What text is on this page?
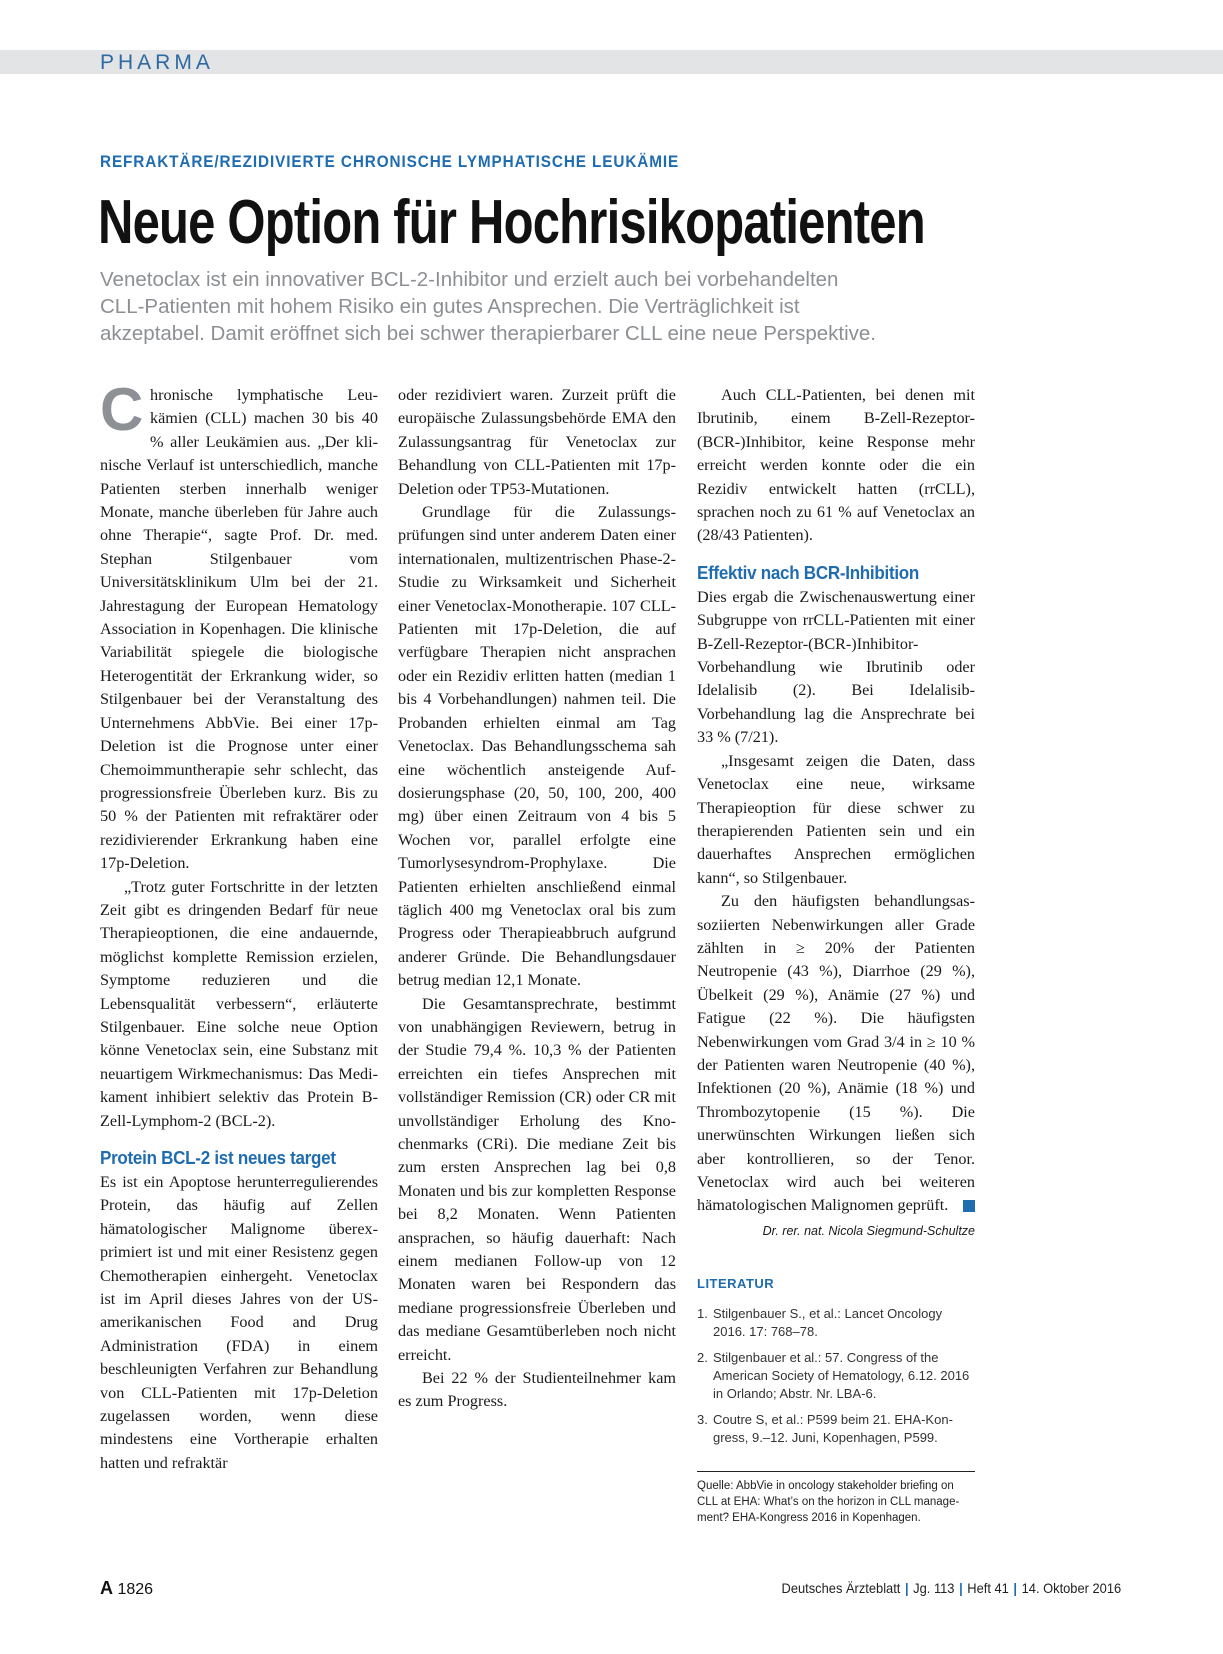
PHARMA
REFRAKTÄRE/REZIDIVIERTE CHRONISCHE LYMPHATISCHE LEUKÄMIE
Neue Option für Hochrisikopatienten
Venetoclax ist ein innovativer BCL-2-Inhibitor und erzielt auch bei vorbehandelten
CLL-Patienten mit hohem Risiko ein gutes Ansprechen. Die Verträglichkeit ist
akzeptabel. Damit eröffnet sich bei schwer therapierbarer CLL eine neue Perspektive.

Chronische lymphatische Leukämien (CLL) machen 30 bis 40 % aller Leukämien aus. „Der klinische Verlauf ist unterschiedlich, manche Patienten sterben innerhalb weniger Monate, manche überleben für Jahre auch ohne Therapie“, sagte Prof. Dr. med. Stephan Stilgenbauer vom Universitätsklinikum Ulm bei der 21. Jahrestagung der European Hematology Association in Kopenhagen. Die klinische Variabilität spiegele die biologische Heterogentität der Erkrankung wider, so Stilgenbauer bei der Veranstaltung des Unternehmens AbbVie. Bei einer 17p-Deletion ist die Prognose unter einer Chemoimmuntherapie sehr schlecht, das progressionsfreie Überleben kurz. Bis zu 50 % der Patienten mit refraktärer oder rezidivierender Erkrankung haben eine 17p-Deletion.

„Trotz guter Fortschritte in der letzten Zeit gibt es dringenden Bedarf für neue Therapieoptionen, die eine andauernde, möglichst komplette Remission erzielen, Symptome reduzieren und die Lebensqualität verbessern“, erläuterte Stilgenbauer. Eine solche neue Option könne Venetoclax sein, eine Substanz mit neuartigem Wirkmechanismus: Das Medikament inhibiert selektiv das Protein B-Zell-Lymphom-2 (BCL-2).

Protein BCL-2 ist neues target

Es ist ein Apoptose herunterregulierendes Protein, das häufig auf Zellen hämatologischer Malignome überexprimiert ist und mit einer Resistenz gegen Chemotherapien einhergeht. Venetoclax ist im April dieses Jahres von der US-amerikanischen Food and Drug Administration (FDA) in einem beschleunigten Verfahren zur Behandlung von CLL-Patienten mit 17p-Deletion zugelassen worden, wenn diese mindestens eine Vortherapie erhalten hatten und refraktär

oder rezidiviert waren. Zurzeit prüft die europäische Zulassungsbehörde EMA den Zulassungsantrag für Venetoclax zur Behandlung von CLL-Patienten mit 17p-Deletion oder TP53-Mutationen.

Grundlage für die Zulassungsprüfungen sind unter anderem Daten einer internationalen, multizentrischen Phase-2-Studie zu Wirksamkeit und Sicherheit einer Venetoclax-Monotherapie. 107 CLL-Patienten mit 17p-Deletion, die auf verfügbare Therapien nicht ansprachen oder ein Rezidiv erlitten hatten (median 1 bis 4 Vorbehandlungen) nahmen teil. Die Probanden erhielten einmal am Tag Venetoclax. Das Behandlungsschema sah eine wöchentlich ansteigende Aufdosierungsphase (20, 50, 100, 200, 400 mg) über einen Zeitraum von 4 bis 5 Wochen vor, parallel erfolgte eine Tumorlysesyndrom-Prophylaxe. Die Patienten erhielten anschließend einmal täglich 400 mg Venetoclax oral bis zum Progress oder Therapieabbruch aufgrund anderer Gründe. Die Behandlungsdauer betrug median 12,1 Monate.

Die Gesamtansprechrate, bestimmt von unabhängigen Reviewern, betrug in der Studie 79,4 %. 10,3 % der Patienten erreichten ein tiefes Ansprechen mit vollständiger Remission (CR) oder CR mit unvollständiger Erholung des Knochenmarks (CRi). Die mediane Zeit bis zum ersten Ansprechen lag bei 0,8 Monaten und bis zur kompletten Response bei 8,2 Monaten. Wenn Patienten ansprachen, so häufig dauerhaft: Nach einem medianen Follow-up von 12 Monaten waren bei Respondern das mediane progressionsfreie Überleben und das mediane Gesamtüberleben noch nicht erreicht.

Bei 22 % der Studienteilnehmer kam es zum Progress.

Auch CLL-Patienten, bei denen mit Ibrutinib, einem B-Zell-Rezeptor-(BCR-)Inhibitor, keine Response mehr erreicht werden konnte oder die ein Rezidiv entwickelt hatten (rrCLL), sprachen noch zu 61 % auf Venetoclax an (28/43 Patienten).

Effektiv nach BCR-Inhibition

Dies ergab die Zwischenauswertung einer Subgruppe von rrCLL-Patienten mit einer B-Zell-Rezeptor-(BCR-)Inhibitor-Vorbehandlung wie Ibrutinib oder Idelalisib (2). Bei Idelalisib-Vorbehandlung lag die Ansprechrate bei 33 % (7/21).

„Insgesamt zeigen die Daten, dass Venetoclax eine neue, wirksame Therapieoption für diese schwer zu therapierenden Patienten sein und ein dauerhaftes Ansprechen ermöglichen kann“, so Stilgenbauer.

Zu den häufigsten behandlungsassoziierten Nebenwirkungen aller Grade zählten in ≥ 20% der Patienten Neutropenie (43 %), Diarrhoe (29 %), Übelkeit (29 %), Anämie (27 %) und Fatigue (22 %). Die häufigsten Nebenwirkungen vom Grad 3/4 in ≥ 10 % der Patienten waren Neutropenie (40 %), Infektionen (20 %), Anämie (18 %) und Thrombozytopenie (15 %). Die unerwünschten Wirkungen ließen sich aber kontrollieren, so der Tenor. Venetoclax wird auch bei weiteren hämatologischen Malignomen geprüft.

Dr. rer. nat. Nicola Siegmund-Schultze
LITERATUR
1. Stilgenbauer S., et al.: Lancet Oncology 2016. 17: 768–78.
2. Stilgenbauer et al.: 57. Congress of the American Society of Hematology, 6.12. 2016 in Orlando; Abstr. Nr. LBA-6.
3. Coutre S, et al.: P599 beim 21. EHA-Kongress, 9.–12. Juni, Kopenhagen, P599.
Quelle: AbbVie in oncology stakeholder briefing on CLL at EHA: What’s on the horizon in CLL management? EHA-Kongress 2016 in Kopenhagen.
A 1826	Deutsches Ärzteblatt | Jg. 113 | Heft 41 | 14. Oktober 2016
